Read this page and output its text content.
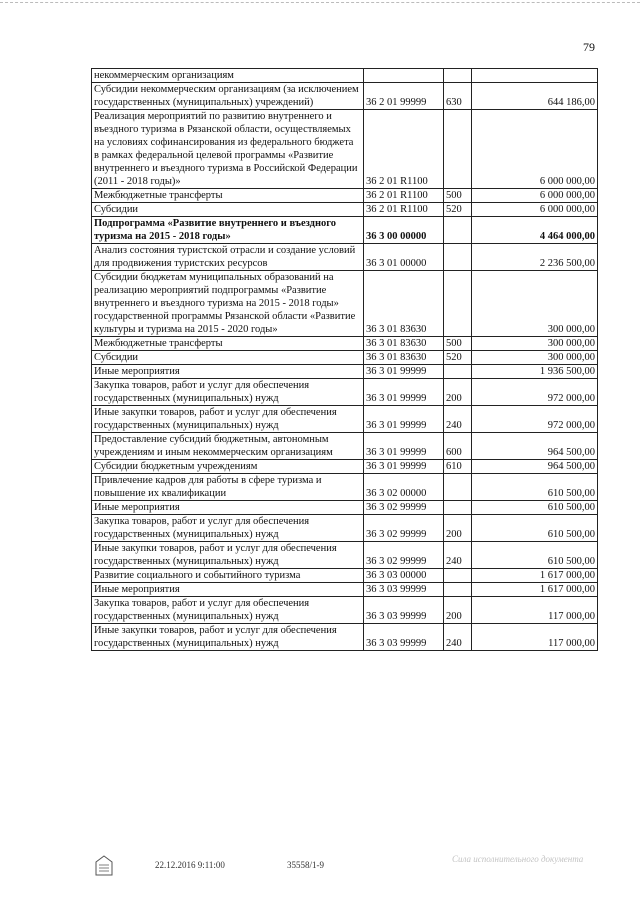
79
некоммерческим организациям			
Субсидии некоммерческим организациям (за исключением государственных (муниципальных) учреждений)	36 2 01 99999	630	644 186,00
Реализация мероприятий по развитию внутреннего и въездного туризма в Рязанской области, осуществляемых на условиях софинансирования из федерального бюджета в рамках федеральной целевой программы «Развитие внутреннего и въездного туризма в Российской Федерации (2011 - 2018 годы)»	36 2 01 R1100		6 000 000,00
Межбюджетные трансферты	36 2 01 R1100	500	6 000 000,00
Субсидии	36 2 01 R1100	520	6 000 000,00
Подпрограмма «Развитие внутреннего и въездного туризма на 2015 - 2018 годы»	36 3 00 00000		4 464 000,00
Анализ состояния туристской отрасли и создание условий для продвижения туристских ресурсов	36 3 01 00000		2 236 500,00
Субсидии бюджетам муниципальных образований на реализацию мероприятий подпрограммы «Развитие внутреннего и въездного туризма на 2015 - 2018 годы» государственной программы Рязанской области «Развитие культуры и туризма на 2015 - 2020 годы»	36 3 01 83630		300 000,00
Межбюджетные трансферты	36 3 01 83630	500	300 000,00
Субсидии	36 3 01 83630	520	300 000,00
Иные мероприятия	36 3 01 99999		1 936 500,00
Закупка товаров, работ и услуг для обеспечения государственных (муниципальных) нужд	36 3 01 99999	200	972 000,00
Иные закупки товаров, работ и услуг для обеспечения государственных (муниципальных) нужд	36 3 01 99999	240	972 000,00
Предоставление субсидий бюджетным, автономным учреждениям и иным некоммерческим организациям	36 3 01 99999	600	964 500,00
Субсидии бюджетным учреждениям	36 3 01 99999	610	964 500,00
Привлечение кадров для работы в сфере туризма и повышение их квалификации	36 3 02 00000		610 500,00
Иные мероприятия	36 3 02 99999		610 500,00
Закупка товаров, работ и услуг для обеспечения государственных (муниципальных) нужд	36 3 02 99999	200	610 500,00
Иные закупки товаров, работ и услуг для обеспечения государственных (муниципальных) нужд	36 3 02 99999	240	610 500,00
Развитие социального и событийного туризма	36 3 03 00000		1 617 000,00
Иные мероприятия	36 3 03 99999		1 617 000,00
Закупка товаров, работ и услуг для обеспечения государственных (муниципальных) нужд	36 3 03 99999	200	117 000,00
Иные закупки товаров, работ и услуг для обеспечения государственных (муниципальных) нужд	36 3 03 99999	240	117 000,00
22.12.2016 9:11:00	35558/1-9
Сила исполнительного документа
